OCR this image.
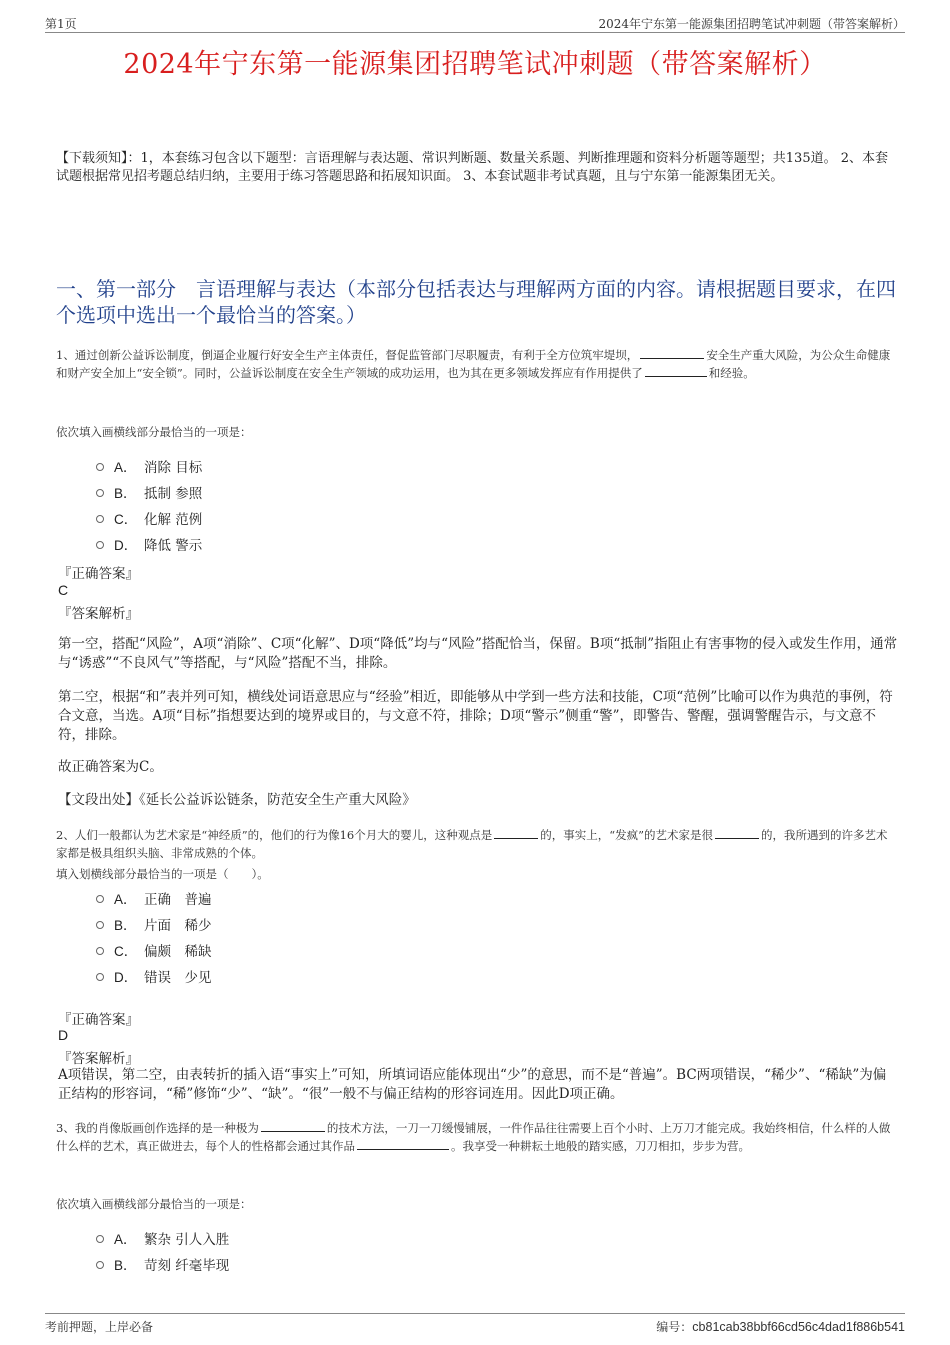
第1页	2024年宁东第一能源集团招聘笔试冲刺题（带答案解析）
2024年宁东第一能源集团招聘笔试冲刺题（带答案解析）
【下载须知】：1，本套练习包含以下题型：言语理解与表达题、常识判断题、数量关系题、判断推理题和资料分析题等题型；共135道。 2、本套试题根据常见招考题总结归纳，主要用于练习答题思路和拓展知识面。 3、本套试题非考试真题，且与宁东第一能源集团无关。
一、第一部分　言语理解与表达（本部分包括表达与理解两方面的内容。请根据题目要求，在四个选项中选出一个最恰当的答案。）
1、通过创新公益诉讼制度，倒逼企业履行好安全生产主体责任，督促监管部门尽职履责，有利于全方位筑牢堤坝，	安全生产重大风险，为公众生命健康和财产安全加上“安全锁”。同时，公益诉讼制度在安全生产领域的成功运用，也为其在更多领域发挥应有作用提供了	和经验。
依次填入画横线部分最恰当的一项是：
A． 消除 目标
B． 抵制 参照
C． 化解 范例
D． 降低 警示
『正确答案』
C
『答案解析』
第一空，搭配“风险”，A项“消除”、C项“化解”、D项“降低”均与“风险”搭配恰当，保留。B项“抵制”指阻止有害事物的侵入或发生作用，通常与“诱惑”“不良风气”等搭配，与“风险”搭配不当，排除。
第二空，根据“和”表并列可知，横线处词语意思应与“经验”相近，即能够从中学到一些方法和技能，C项“范例”比喻可以作为典范的事例，符合文意，当选。A项“目标”指想要达到的境界或目的，与文意不符，排除；D项“警示”侧重“警”，即警告、警醒，强调警醒告示，与文意不符，排除。
故正确答案为C。
【文段出处】《延长公益诉讼链条，防范安全生产重大风险》
2、人们一般都认为艺术家是“神经质”的，他们的行为像16个月大的婴儿，这种观点是	的，事实上，“发疯”的艺术家是很	的，我所遇到的许多艺术家都是极具组织头脑、非常成熟的个体。
填入划横线部分最恰当的一项是（　　）。
A． 正确　普遍
B． 片面　稀少
C． 偏颇　稀缺
D． 错误　少见
『正确答案』
D
『答案解析』
A项错误，第二空，由表转折的插入语“事实上”可知，所填词语应能体现出“少”的意思，而不是“普遍”。BC两项错误，“稀少”、“稀缺”为偏正结构的形容词，“稀”修饰“少”、“缺”。“很”一般不与偏正结构的形容词连用。因此D项正确。
3、我的肖像版画创作选择的是一种极为	的技术方法，一刀一刀缓慢铺展，一件作品往往需要上百个小时、上万刀才能完成。我始终相信，什么样的人做什么样的艺术，真正做进去，每个人的性格都会通过其作品	。我享受一种耕耘土地般的踏实感，刀刀相扣，步步为营。
依次填入画横线部分最恰当的一项是：
A． 繁杂 引人入胜
B． 苛刻 纤毫毕现
考前押题，上岸必备	编号：cb81cab38bbf66cd56c4dad1f886b541
